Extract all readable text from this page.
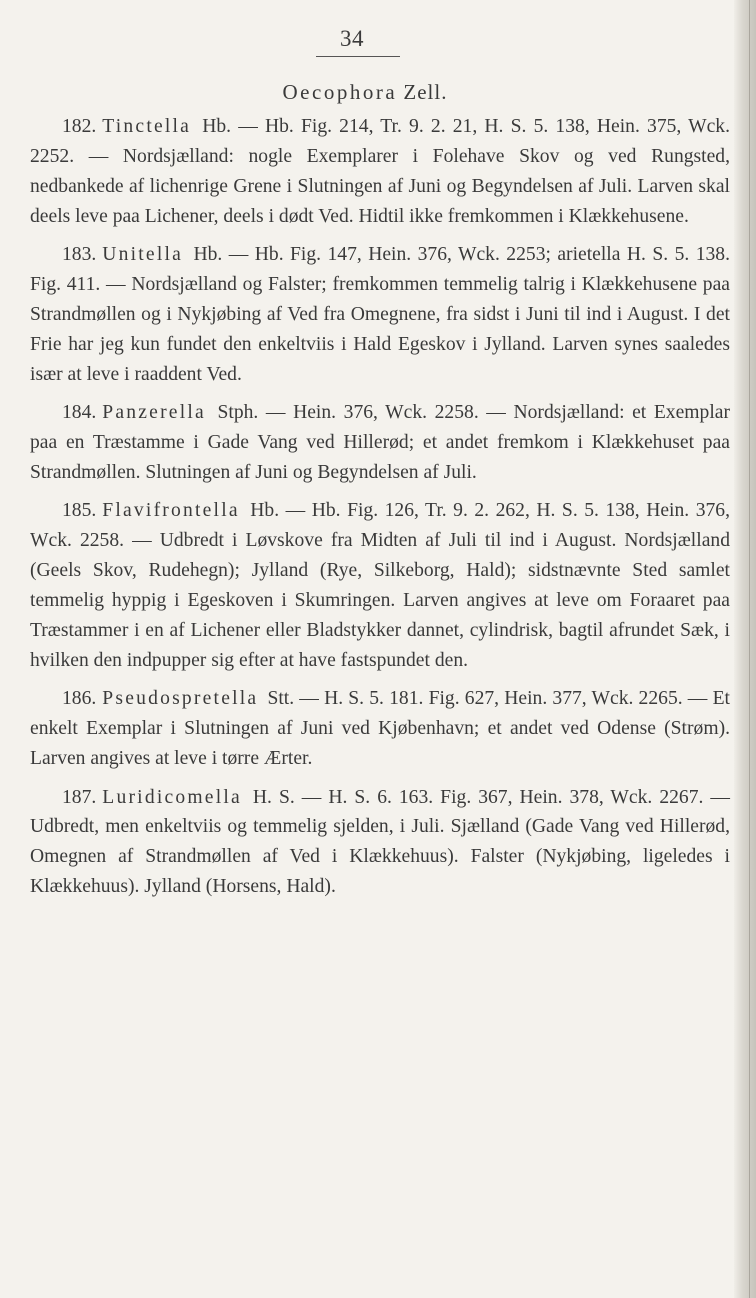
34
Oecophora Zell.

182. Tinctella Hb. — Hb. Fig. 214, Tr. 9. 2. 21, H. S. 5. 138, Hein. 375, Wck. 2252. — Nordsjælland: nogle Exemplarer i Folehave Skov og ved Rungsted, nedbankede af lichenrige Grene i Slutningen af Juni og Begyndelsen af Juli. Larven skal deels leve paa Lichener, deels i dødt Ved. Hidtil ikke fremkommen i Klækkehusene.

183. Unitella Hb. — Hb. Fig. 147, Hein. 376, Wck. 2253; arietella H. S. 5. 138. Fig. 411. — Nordsjælland og Falster; fremkommen temmelig talrig i Klækkehusene paa Strandmøllen og i Nykjøbing af Ved fra Omegnene, fra sidst i Juni til ind i August. I det Frie har jeg kun fundet den enkeltviis i Hald Egeskov i Jylland. Larven synes saaledes især at leve i raaddent Ved.

184. Panzerella Stph. — Hein. 376, Wck. 2258. — Nordsjælland: et Exemplar paa en Træstamme i Gade Vang ved Hillerød; et andet fremkom i Klækkehuset paa Strandmøllen. Slutningen af Juni og Begyndelsen af Juli.

185. Flavifrontella Hb. — Hb. Fig. 126, Tr. 9. 2. 262, H. S. 5. 138, Hein. 376, Wck. 2258. — Udbredt i Løvskove fra Midten af Juli til ind i August. Nordsjælland (Geels Skov, Rudehegn); Jylland (Rye, Silkeborg, Hald); sidstnævnte Sted samlet temmelig hyppig i Egeskoven i Skumringen. Larven angives at leve om Foraaret paa Træstammer i en af Lichener eller Bladstykker dannet, cylindrisk, bagtil afrundet Sæk, i hvilken den indpupper sig efter at have fastspundet den.

186. Pseudospretella Stt. — H. S. 5. 181. Fig. 627, Hein. 377, Wck. 2265. — Et enkelt Exemplar i Slutningen af Juni ved Kjøbenhavn; et andet ved Odense (Strøm). Larven angives at leve i tørre Ærter.

187. Luridicomella H. S. — H. S. 6. 163. Fig. 367, Hein. 378, Wck. 2267. — Udbredt, men enkeltviis og temmelig sjelden, i Juli. Sjælland (Gade Vang ved Hillerød, Omegnen af Strandmøllen af Ved i Klækkehuus). Falster (Nykjøbing, ligeledes i Klækkehuus). Jylland (Horsens, Hald).
